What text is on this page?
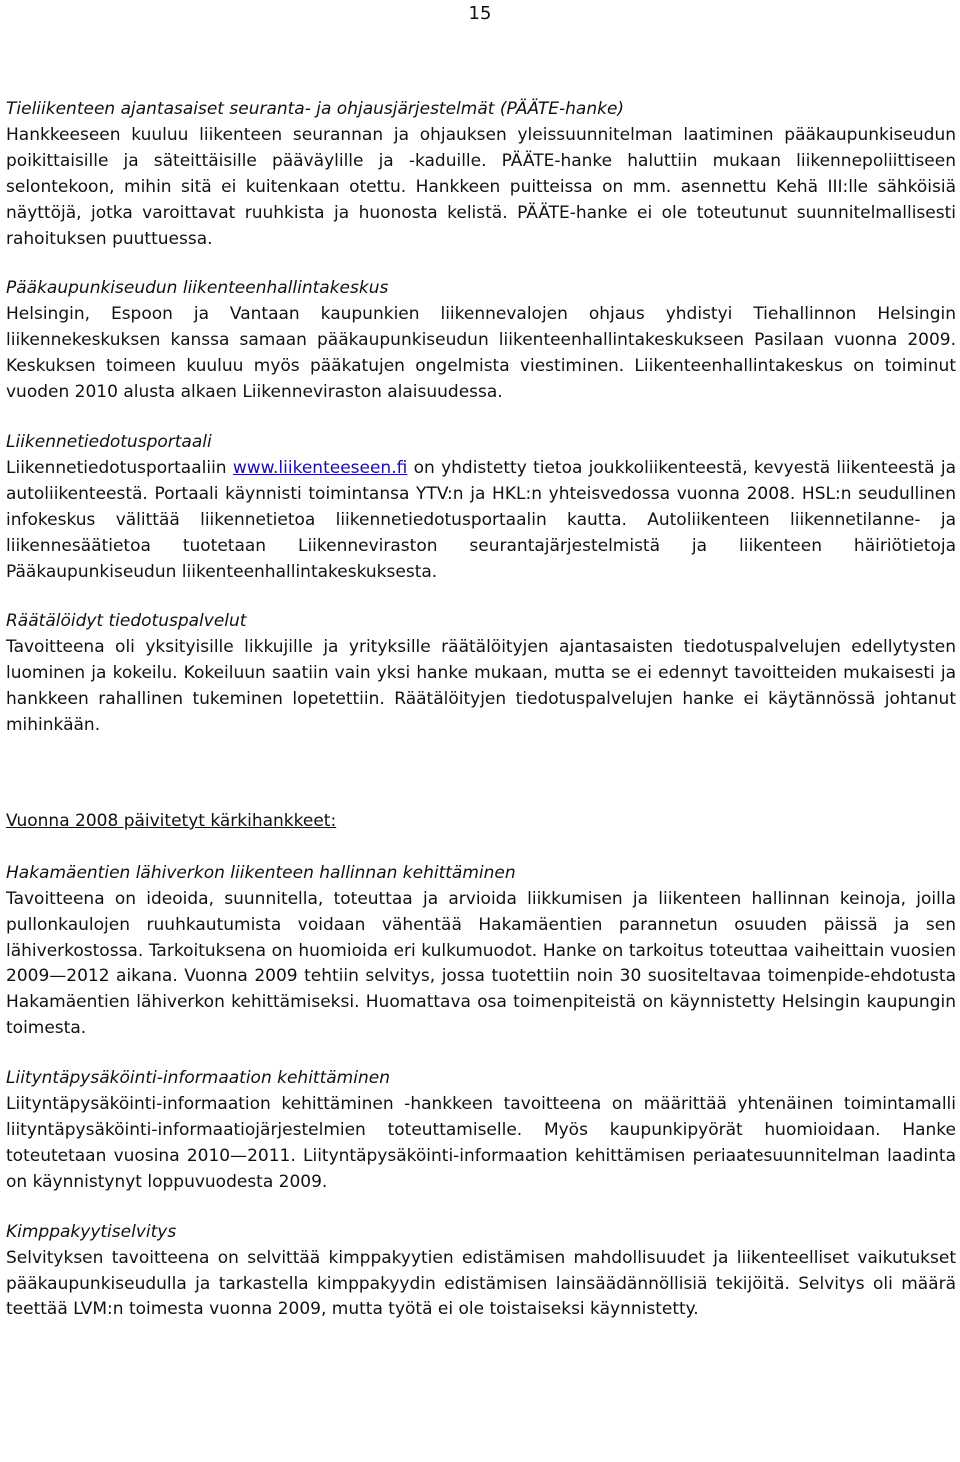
15

Tieliikenteen ajantasaiset seuranta- ja ohjausjärjestelmät (PÄÄTE-hanke)

Hankkeeseen kuuluu liikenteen seurannan ja ohjauksen yleissuunnitelman laatiminen pääkaupunkiseudun poikittaisille ja säteittäisille pääväylille ja -kaduille. PÄÄTE-hanke haluttiin mukaan liikennepoliittiseen selontekoon, mihin sitä ei kuitenkaan otettu. Hankkeen puitteissa on mm. asennettu Kehä III:lle sähköisiä näyttöjä, jotka varoittavat ruuhkista ja huonosta kelistä. PÄÄTE-hanke ei ole toteutunut suunnitelmallisesti rahoituksen puuttuessa.

Pääkaupunkiseudun liikenteenhallintakeskus

Helsingin, Espoon ja Vantaan kaupunkien liikennevalojen ohjaus yhdistyi Tiehallinnon Helsingin liikennekeskuksen kanssa samaan pääkaupunkiseudun liikenteenhallintakeskukseen Pasilaan vuonna 2009. Keskuksen toimeen kuuluu myös pääkatujen ongelmista viestiminen. Liikenteenhallintakeskus on toiminut vuoden 2010 alusta alkaen Liikenneviraston alaisuudessa.

Liikennetiedotusportaali

Liikennetiedotusportaaliin www.liikenteeseen.fi on yhdistetty tietoa joukkoliikenteestä, kevyestä liikenteestä ja autoliikenteestä. Portaali käynnisti toimintansa YTV:n ja HKL:n yhteisvedossa vuonna 2008. HSL:n seudullinen infokeskus välittää liikennetietoa liikennetiedotusportaalin kautta. Autoliikenteen liikennetilanne- ja liikennesäätietoa tuotetaan Liikenneviraston seurantajärjestelmistä ja liikenteen häiriötietoja Pääkaupunkiseudun liikenteenhallintakeskuksesta.

Räätälöidyt tiedotuspalvelut

Tavoitteena oli yksityisille likkujille ja yrityksille räätälöityjen ajantasaisten tiedotuspalvelujen edellytysten luominen ja kokeilu. Kokeiluun saatiin vain yksi hanke mukaan, mutta se ei edennyt tavoitteiden mukaisesti ja hankkeen rahallinen tukeminen lopetettiin. Räätälöityjen tiedotuspalvelujen hanke ei käytännössä johtanut mihinkään.

Vuonna 2008 päivitetyt kärkihankkeet:

Hakamäentien lähiverkon liikenteen hallinnan kehittäminen

Tavoitteena on ideoida, suunnitella, toteuttaa ja arvioida liikkumisen ja liikenteen hallinnan keinoja, joilla pullonkaulojen ruuhkautumista voidaan vähentää Hakamäentien parannetun osuuden päissä ja sen lähiverkostossa. Tarkoituksena on huomioida eri kulkumuodot. Hanke on tarkoitus toteuttaa vaiheittain vuosien 2009—2012 aikana. Vuonna 2009 tehtiin selvitys, jossa tuotettiin noin 30 suositeltavaa toimenpide-ehdotusta Hakamäentien lähiverkon kehittämiseksi. Huomattava osa toimenpiteistä on käynnistetty Helsingin kaupungin toimesta.

Liityntäpysäköinti-informaation kehittäminen

Liityntäpysäköinti-informaation kehittäminen -hankkeen tavoitteena on määrittää yhtenäinen toimintamalli liityntäpysäköinti-informaatiojärjestelmien toteuttamiselle. Myös kaupunkipyörät huomioidaan. Hanke toteutetaan vuosina 2010—2011. Liityntäpysäköinti-informaation kehittämisen periaatesuunnitelman laadinta on käynnistynyt loppuvuodesta 2009.

Kimppakyytiselvitys

Selvityksen tavoitteena on selvittää kimppakyytien edistämisen mahdollisuudet ja liikenteelliset vaikutukset pääkaupunkiseudulla ja tarkastella kimppakyydin edistämisen lainsäädännöllisiä tekijöitä. Selvitys oli määrä teettää LVM:n toimesta vuonna 2009, mutta työtä ei ole toistaiseksi käynnistetty.
